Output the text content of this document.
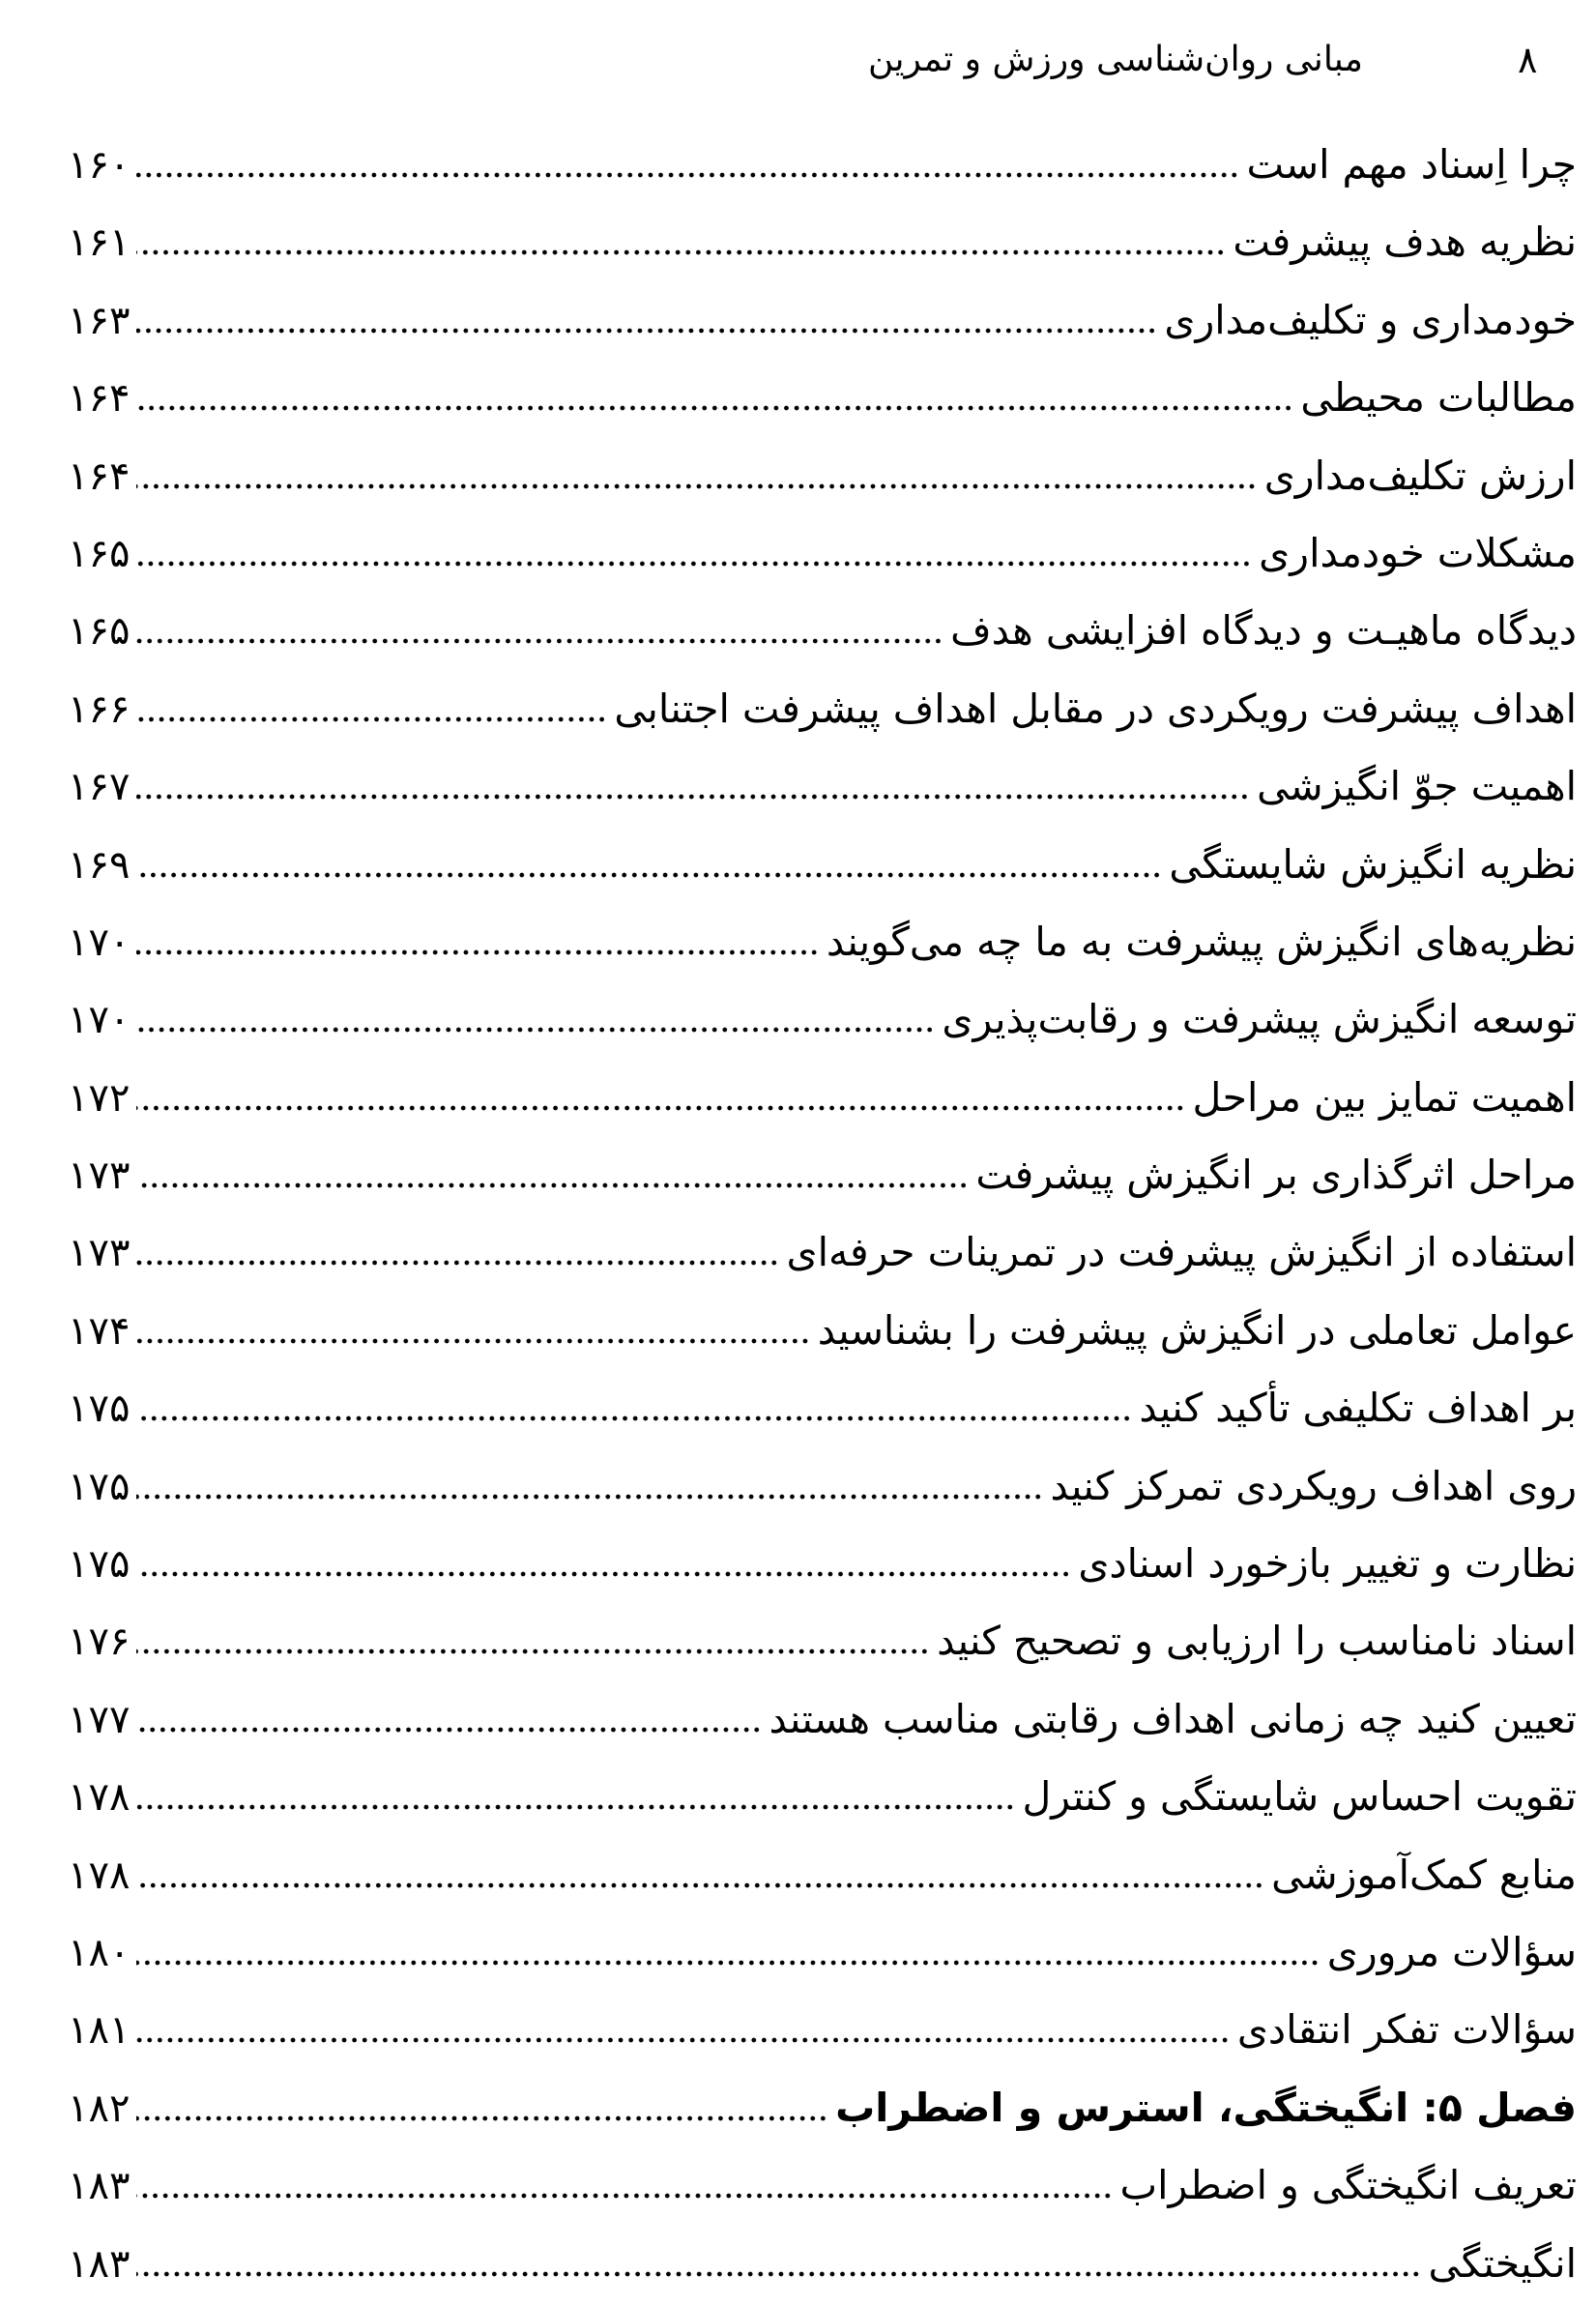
مبانی روان‌شناسی ورزش و تمرین	۸
چرا اِسناد مهم است
۱۶۰
نظریه هدف پیشرفت
۱۶۱
خودمداری و تکلیف‌مداری
۱۶۳
مطالبات محیطی
۱۶۴
ارزش تکلیف‌مداری
۱۶۴
مشکلات خودمداری
۱۶۵
دیدگاه ماهیـت و دیدگاه افزایشی هدف
۱۶۵
اهداف پیشرفت رویکردی در مقابل اهداف پیشرفت اجتنابی
۱۶۶
اهمیت جوّ انگیزشی
۱۶۷
نظریه انگیزش شایستگی
۱۶۹
نظریه‌های انگیزش پیشرفت به ما چه می‌گویند
۱۷۰
توسعه انگیزش پیشرفت و رقابت‌پذیری
۱۷۰
اهمیت تمایز بین مراحل
۱۷۲
مراحل اثرگذاری بر انگیزش پیشرفت
۱۷۳
استفاده از انگیزش پیشرفت در تمرینات حرفه‌ای
۱۷۳
عوامل تعاملی در انگیزش پیشرفت را بشناسید
۱۷۴
بر اهداف تکلیفی تأکید کنید
۱۷۵
روی اهداف رویکردی تمرکز کنید
۱۷۵
نظارت و تغییر بازخورد اسنادی
۱۷۵
اسناد نامناسب را ارزیابی و تصحیح کنید
۱۷۶
تعیین کنید چه زمانی اهداف رقابتی مناسب هستند
۱۷۷
تقویت احساس شایستگی و کنترل
۱۷۸
منابع کمک‌آموزشی
۱۷۸
سؤالات مروری
۱۸۰
سؤالات تفکر انتقادی
۱۸۱
فصل ۵: انگیختگی، استرس و اضطراب
۱۸۲
تعریف انگیختگی و اضطراب
۱۸۳
انگیختگی
۱۸۳
